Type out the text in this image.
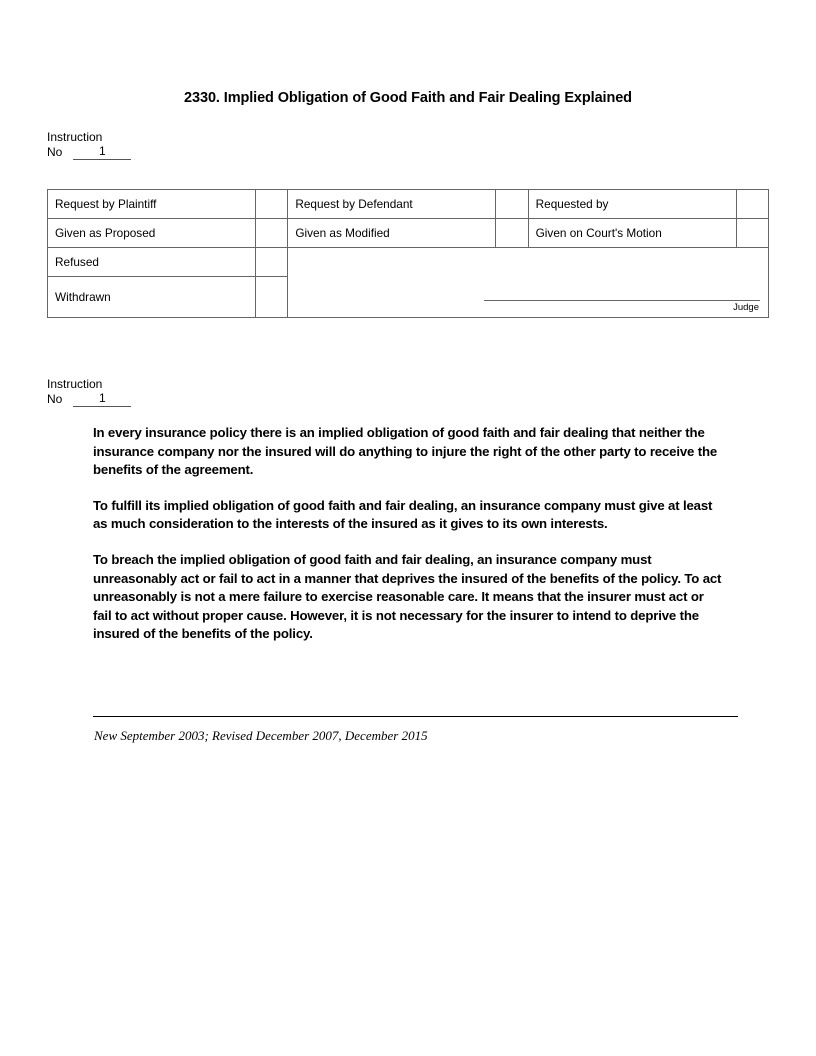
2330. Implied Obligation of Good Faith and Fair Dealing Explained
Instruction
No	1
Request by Plaintiff		Request by Defendant		Requested by	
Given as Proposed		Given as Modified		Given on Court's Motion	
Refused		Judge			

Withdrawn					
Instruction
No	1

In every insurance policy there is an implied obligation of good faith and fair dealing that neither the insurance company nor the insured will do anything to injure the right of the other party to receive the benefits of the agreement.

To fulfill its implied obligation of good faith and fair dealing, an insurance company must give at least as much consideration to the interests of the insured as it gives to its own interests.

To breach the implied obligation of good faith and fair dealing, an insurance company must unreasonably act or fail to act in a manner that deprives the insured of the benefits of the policy. To act unreasonably is not a mere failure to exercise reasonable care. It means that the insurer must act or fail to act without proper cause. However, it is not necessary for the insurer to intend to deprive the insured of the benefits of the policy.

New September 2003; Revised December 2007, December 2015
